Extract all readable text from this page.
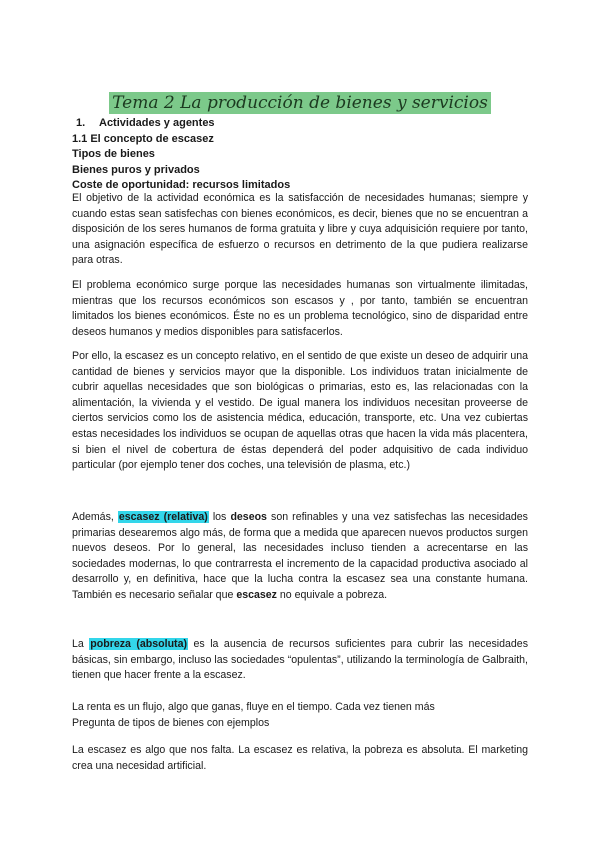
Tema 2 La producción de bienes y servicios
1. Actividades y agentes
1.1 El concepto de escasez
Tipos de bienes
Bienes puros y privados
Coste de oportunidad: recursos limitados

El objetivo de la actividad económica es la satisfacción de necesidades humanas; siempre y cuando estas sean satisfechas con bienes económicos, es decir, bienes que no se encuentran a disposición de los seres humanos de forma gratuita y libre y cuya adquisición requiere por tanto, una asignación específica de esfuerzo o recursos en detrimento de la que pudiera realizarse para otras.

El problema económico surge porque las necesidades humanas son virtualmente ilimitadas, mientras que los recursos económicos son escasos y , por tanto, también se encuentran limitados los bienes económicos. Éste no es un problema tecnológico, sino de disparidad entre deseos humanos y medios disponibles para satisfacerlos.

Por ello, la escasez es un concepto relativo, en el sentido de que existe un deseo de adquirir una cantidad de bienes y servicios mayor que la disponible. Los individuos tratan inicialmente de cubrir aquellas necesidades que son biológicas o primarias, esto es, las relacionadas con la alimentación, la vivienda y el vestido. De igual manera los individuos necesitan proveerse de ciertos servicios como los de asistencia médica, educación, transporte, etc. Una vez cubiertas estas necesidades los individuos se ocupan de aquellas otras que hacen la vida más placentera, si bien el nivel de cobertura de éstas dependerá del poder adquisitivo de cada individuo particular (por ejemplo tener dos coches, una televisión de plasma, etc.)

Además, escasez (relativa) los deseos son refinables y una vez satisfechas las necesidades primarias desearemos algo más, de forma que a medida que aparecen nuevos productos surgen nuevos deseos. Por lo general, las necesidades incluso tienden a acrecentarse en las sociedades modernas, lo que contrarresta el incremento de la capacidad productiva asociado al desarrollo y, en definitiva, hace que la lucha contra la escasez sea una constante humana. También es necesario señalar que escasez no equivale a pobreza.

La pobreza (absoluta) es la ausencia de recursos suficientes para cubrir las necesidades básicas, sin embargo, incluso las sociedades “opulentas”, utilizando la terminología de Galbraith, tienen que hacer frente a la escasez.

La renta es un flujo, algo que ganas, fluye en el tiempo. Cada vez tienen más
Pregunta de tipos de bienes con ejemplos

La escasez es algo que nos falta. La escasez es relativa, la pobreza es absoluta. El marketing crea una necesidad artificial.
